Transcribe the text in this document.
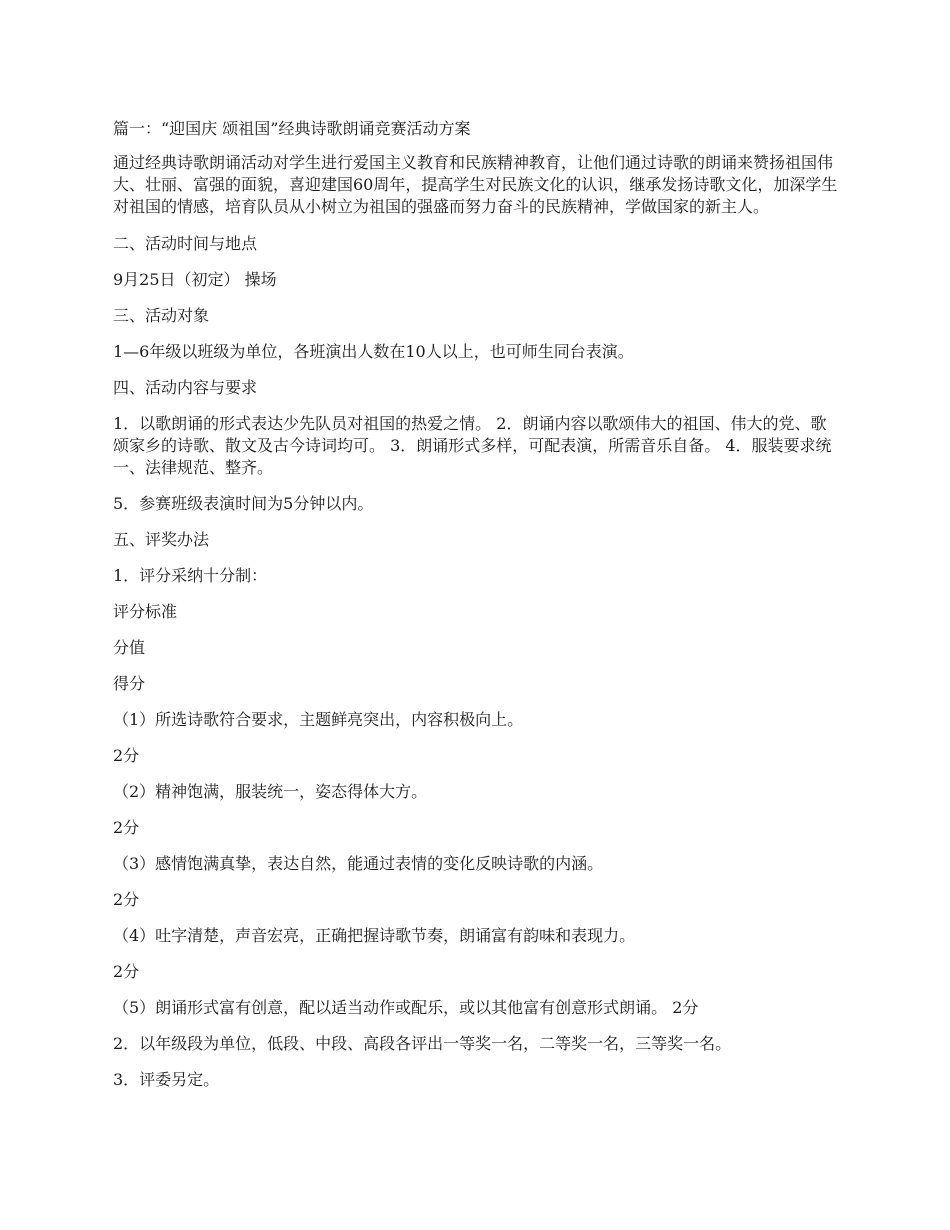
篇一：“迎国庆 颂祖国”经典诗歌朗诵竞赛活动方案

通过经典诗歌朗诵活动对学生进行爱国主义教育和民族精神教育，让他们通过诗歌的朗诵来赞扬祖国伟大、壮丽、富强的面貌，喜迎建国60周年，提高学生对民族文化的认识，继承发扬诗歌文化，加深学生对祖国的情感，培育队员从小树立为祖国的强盛而努力奋斗的民族精神，学做国家的新主人。

二、活动时间与地点

9月25日（初定） 操场

三、活动对象

1—6年级以班级为单位，各班演出人数在10人以上，也可师生同台表演。

四、活动内容与要求

1．以歌朗诵的形式表达少先队员对祖国的热爱之情。 2．朗诵内容以歌颂伟大的祖国、伟大的党、歌颂家乡的诗歌、散文及古今诗词均可。 3．朗诵形式多样，可配表演，所需音乐自备。 4．服装要求统一、法律规范、整齐。

5．参赛班级表演时间为5分钟以内。

五、评奖办法

1．评分采纳十分制：

评分标准

分值

得分

（1）所选诗歌符合要求，主题鲜亮突出，内容积极向上。

2分

（2）精神饱满，服装统一，姿态得体大方。

2分

（3）感情饱满真挚，表达自然，能通过表情的变化反映诗歌的内涵。

2分

（4）吐字清楚，声音宏亮，正确把握诗歌节奏，朗诵富有韵味和表现力。

2分

（5）朗诵形式富有创意，配以适当动作或配乐，或以其他富有创意形式朗诵。 2分

2．以年级段为单位，低段、中段、高段各评出一等奖一名，二等奖一名，三等奖一名。

3．评委另定。
